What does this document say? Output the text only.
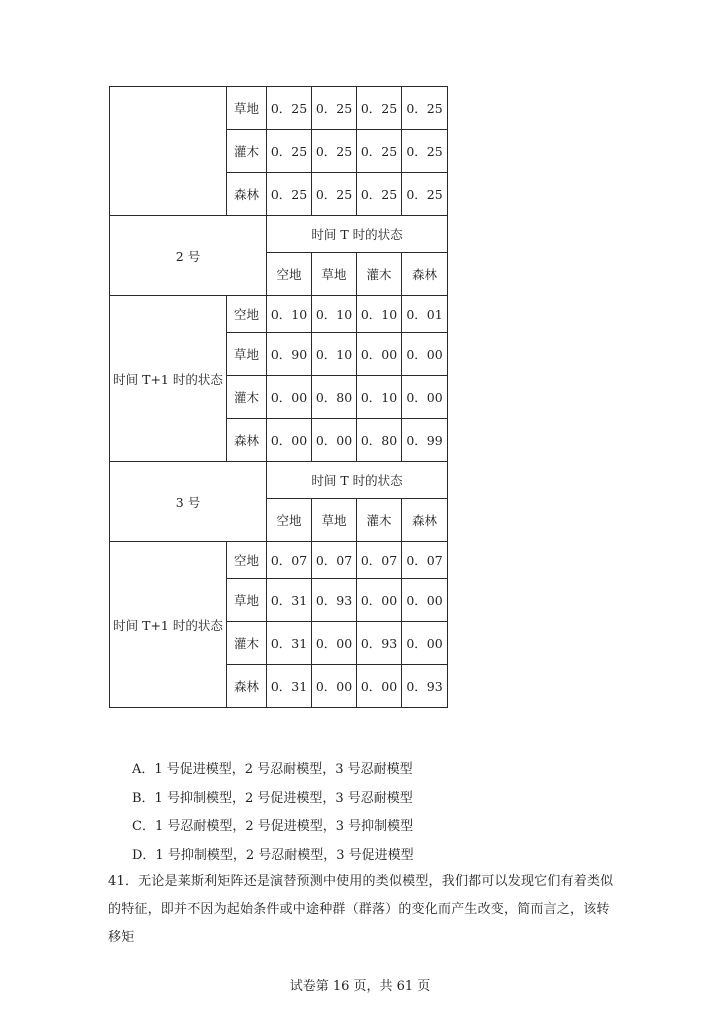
	草地	0．25	0．25	0．25	0．25
	灌木	0．25	0．25	0．25	0．25
	森林	0．25	0．25	0．25	0．25
2 号		时间 T 时的状态			
		空地	草地	灌木	森林
时间 T+1 时的状态	空地	0．10	0．10	0．10	0．01
	草地	0．90	0．10	0．00	0．00
	灌木	0．00	0．80	0．10	0．00
	森林	0．00	0．00	0．80	0．99
3 号		时间 T 时的状态			
		空地	草地	灌木	森林
时间 T+1 时的状态	空地	0．07	0．07	0．07	0．07
	草地	0．31	0．93	0．00	0．00
	灌木	0．31	0．00	0．93	0．00
	森林	0．31	0．00	0．00	0．93
A．1 号促进模型，2 号忍耐模型，3 号忍耐模型
B．1 号抑制模型，2 号促进模型，3 号忍耐模型
C．1 号忍耐模型，2 号促进模型，3 号抑制模型
D．1 号抑制模型，2 号忍耐模型，3 号促进模型
41．无论是莱斯利矩阵还是演替预测中使用的类似模型，我们都可以发现它们有着类似的特征，即并不因为起始条件或中途种群（群落）的变化而产生改变，简而言之，该转移矩
试卷第 16 页，共 61 页
